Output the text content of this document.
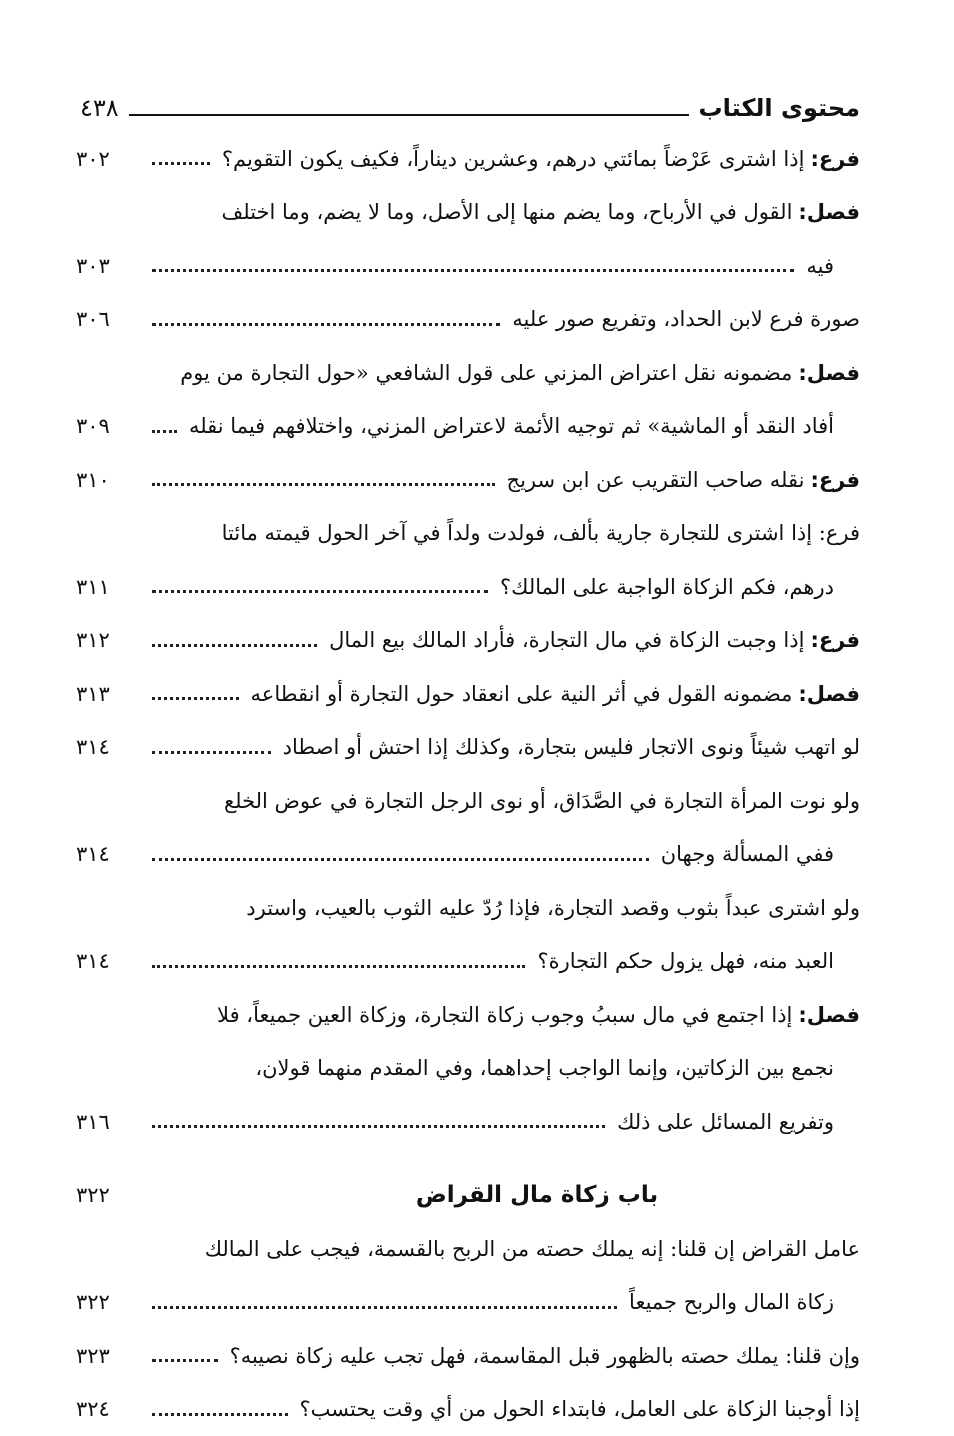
محتوى الكتاب
٤٣٨
فرع:
إذا اشترى عَرْضاً بمائتي درهم، وعشرين ديناراً، فكيف يكون التقويم؟
٣٠٢
فصل:
القول في الأرباح، وما يضم منها إلى الأصل، وما لا يضم، وما اختلف
فيه
٣٠٣
صورة فرع لابن الحداد، وتفريع صور عليه
٣٠٦
فصل:
مضمونه نقل اعتراض المزني على قول الشافعي «حول التجارة من يوم
أفاد النقد أو الماشية» ثم توجيه الأئمة لاعتراض المزني، واختلافهم فيما نقله
٣٠٩
فرع:
نقله صاحب التقريب عن ابن سريج
٣١٠
فرع: إذا اشترى للتجارة جارية بألف، فولدت ولداً في آخر الحول قيمته مائتا
درهم، فكم الزكاة الواجبة على المالك؟
٣١١
فرع:
إذا وجبت الزكاة في مال التجارة، فأراد المالك بيع المال
٣١٢
فصل:
مضمونه القول في أثر النية على انعقاد حول التجارة أو انقطاعه
٣١٣
لو اتهب شيئاً ونوى الاتجار فليس بتجارة، وكذلك إذا احتش أو اصطاد
٣١٤
ولو نوت المرأة التجارة في الصَّدَاق، أو نوى الرجل التجارة في عوض الخلع
ففي المسألة وجهان
٣١٤
ولو اشترى عبداً بثوب وقصد التجارة، فإذا رُدّ عليه الثوب بالعيب، واسترد
العبد منه، فهل يزول حكم التجارة؟
٣١٤
فصل:
إذا اجتمع في مال سببُ وجوب زكاة التجارة، وزكاة العين جميعاً، فلا
نجمع بين الزكاتين، وإنما الواجب إحداهما، وفي المقدم منهما قولان،
وتفريع المسائل على ذلك
٣١٦
باب زكاة مال القراض
٣٢٢
عامل القراض إن قلنا: إنه يملك حصته من الربح بالقسمة، فيجب على المالك
زكاة المال والربح جميعاً
٣٢٢
وإن قلنا: يملك حصته بالظهور قبل المقاسمة، فهل تجب عليه زكاة نصيبه؟
٣٢٣
إذا أوجبنا الزكاة على العامل، فابتداء الحول من أي وقت يحتسب؟
٣٢٤
